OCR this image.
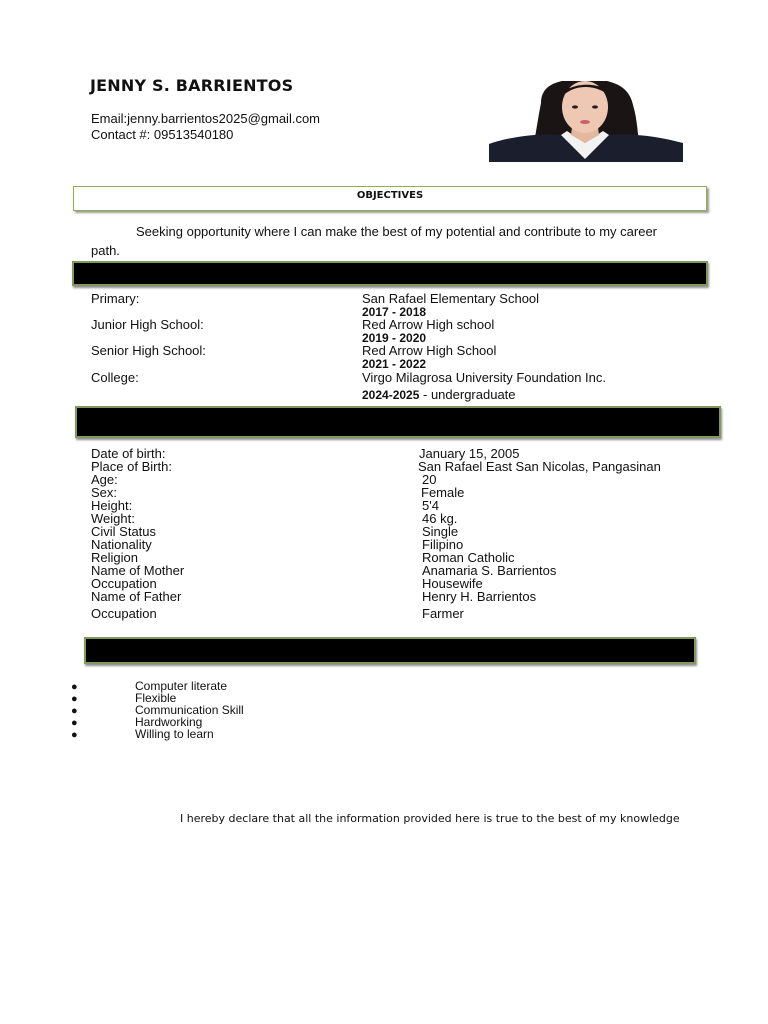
JENNY S. BARRIENTOS
Email:jenny.barrientos2025@gmail.com
Contact #: 09513540180
OBJECTIVES
Seeking opportunity where I can make the best of my potential and contribute to my career path.
Primary:	San Rafael Elementary School
2017 - 2018
Junior High School:	Red Arrow High school
2019 - 2020
Senior High School:	Red Arrow High School
2021 - 2022
College:	Virgo Milagrosa University Foundation Inc.
2024-2025 - undergraduate
Date of birth:	January 15, 2005
Place of Birth:	San Rafael East San Nicolas, Pangasinan
Age:	20
Sex:	Female
Height:	5'4
Weight:	46 kg.
Civil Status	Single
Nationality	Filipino
Religion	Roman Catholic
Name of Mother	Anamaria S. Barrientos
Occupation	Housewife
Name of Father	Henry H. Barrientos
Occupation	Farmer
●	Computer literate
●	Flexible
●	Communication Skill
●	Hardworking
●	Willing to learn
I hereby declare that all the information provided here is true to the best of my knowledge
